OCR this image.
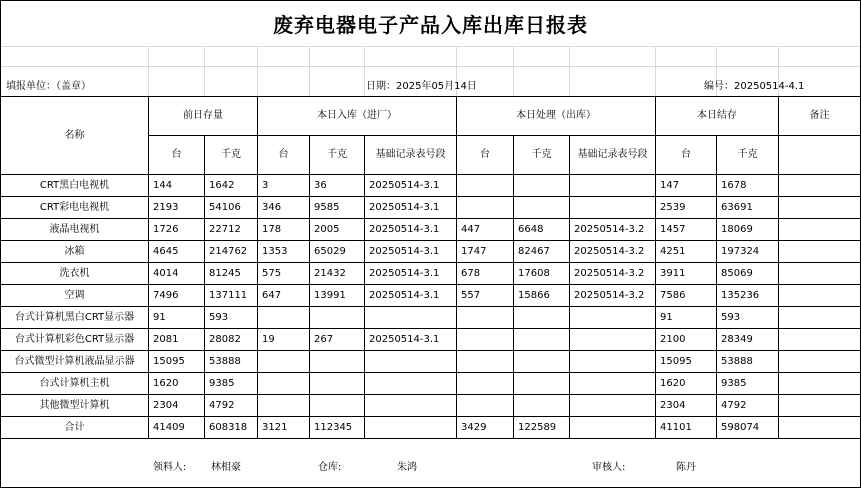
废弃电器电子产品入库出库日报表
填报单位：（盖章）	日期：2025年05月14日	编号：20250514-4.1
名称	前日存量		本日入库（进厂）			本日处理（出库）			本日结存		备注
	台	千克	台	千克	基础记录表号段	台	千克	基础记录表号段	台	千克	
CRT黑白电视机	144	1642	3	36	20250514-3.1				147	1678	
CRT彩电电视机	2193	54106	346	9585	20250514-3.1				2539	63691	
液晶电视机	1726	22712	178	2005	20250514-3.1	447	6648	20250514-3.2	1457	18069	
冰箱	4645	214762	1353	65029	20250514-3.1	1747	82467	20250514-3.2	4251	197324	
洗衣机	4014	81245	575	21432	20250514-3.1	678	17608	20250514-3.2	3911	85069	
空调	7496	137111	647	13991	20250514-3.1	557	15866	20250514-3.2	7586	135236	
台式计算机黑白CRT显示器	91	593							91	593	
台式计算机彩色CRT显示器	2081	28082	19	267	20250514-3.1				2100	28349	
台式微型计算机液晶显示器	15095	53888							15095	53888	
台式计算机主机	1620	9385							1620	9385	
其他微型计算机	2304	4792							2304	4792	
合计	41409	608318	3121	112345		3429	122589		41101	598074	
领料人: 林相豪	仓库:	朱鸿	审核人:	陈丹
